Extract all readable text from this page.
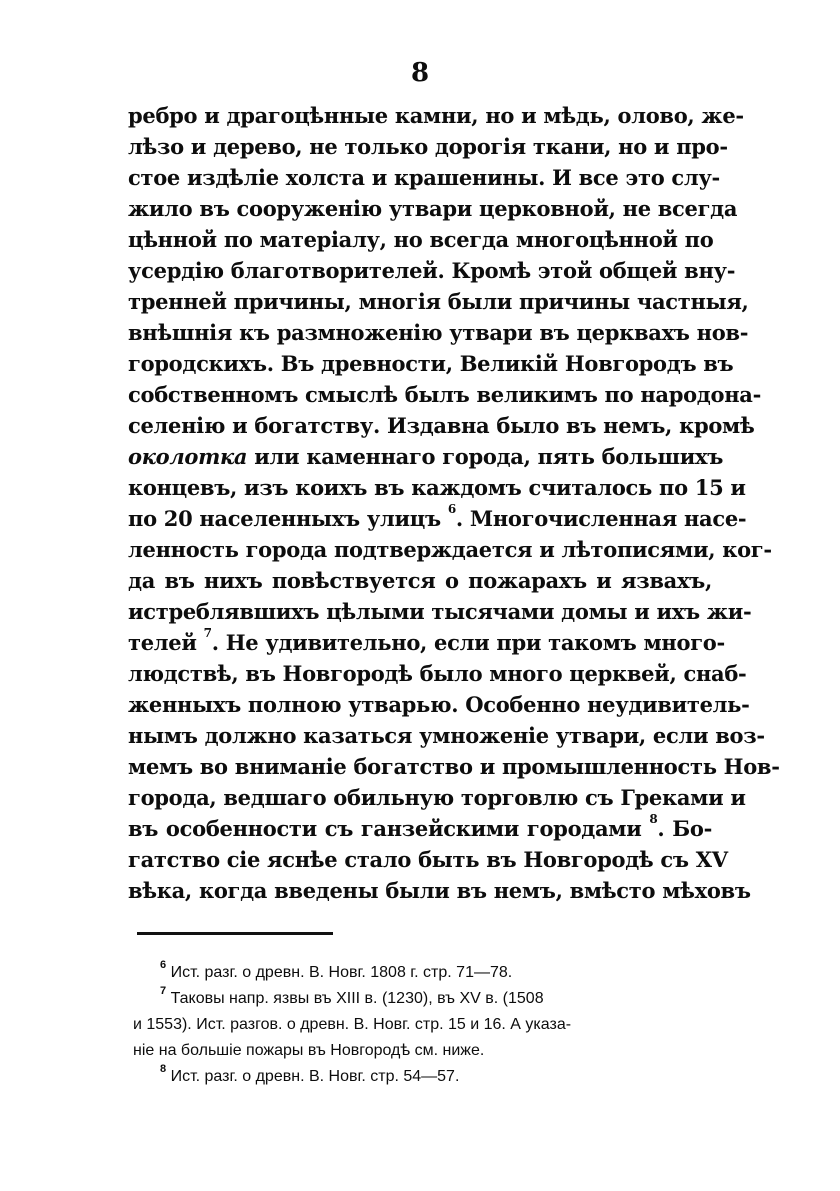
8
ребро и драгоцѣнные камни, но и мѣдь, олово, же-
лѣзо и дерево, не только дорогія ткани, но и про-
стое издѣліе холста и крашенины. И все это слу-
жило въ сооруженію утвари церковной, не всегда
цѣнной по матеріалу, но всегда многоцѣнной по
усердію благотворителей. Кромѣ этой общей вну-
тренней причины, многія были причины частныя,
внѣшнія къ размноженію утвари въ церквахъ нов-
городскихъ. Въ древности, Великій Новгородъ въ
собственномъ смыслѣ былъ великимъ по народона-
селенію и богатству. Издавна было въ немъ, кромѣ
околотка или каменнаго города, пять большихъ
концевъ, изъ коихъ въ каждомъ считалось по 15 и
по 20 населенныхъ улицъ $^6$. Многочисленная насе-
ленность города подтверждается и лѣтописями, ког-
да въ нихъ повѣствуется о пожарахъ и язвахъ,
истреблявшихъ цѣлыми тысячами домы и ихъ жи-
телей $^7$. Не удивительно, если при такомъ много-
людствѣ, въ Новгородѣ было много церквей, снаб-
женныхъ полною утварью. Особенно неудивитель-
нымъ должно казаться умноженіе утвари, если воз-
мемъ во вниманіе богатство и промышленность Нов-
города, ведшаго обильную торговлю съ Греками и
въ особенности съ ганзейскими городами $^8$. Бо-
гатство сіе яснѣе стало быть въ Новгородѣ съ XV
вѣка, когда введены были въ немъ, вмѣсто мѣховъ
$^6$ Ист. разг. о древн. В. Новг. 1808 г. стр. 71—78.
$^7$ Таковы напр. язвы въ XIII в. (1230), въ XV в. (1508
и 1553). Ист. разгов. о древн. В. Новг. стр. 15 и 16. А указа-
ніе на большіе пожары въ Новгородѣ см. ниже.
$^8$ Ист. разг. о древн. В. Новг. стр. 54—57.
